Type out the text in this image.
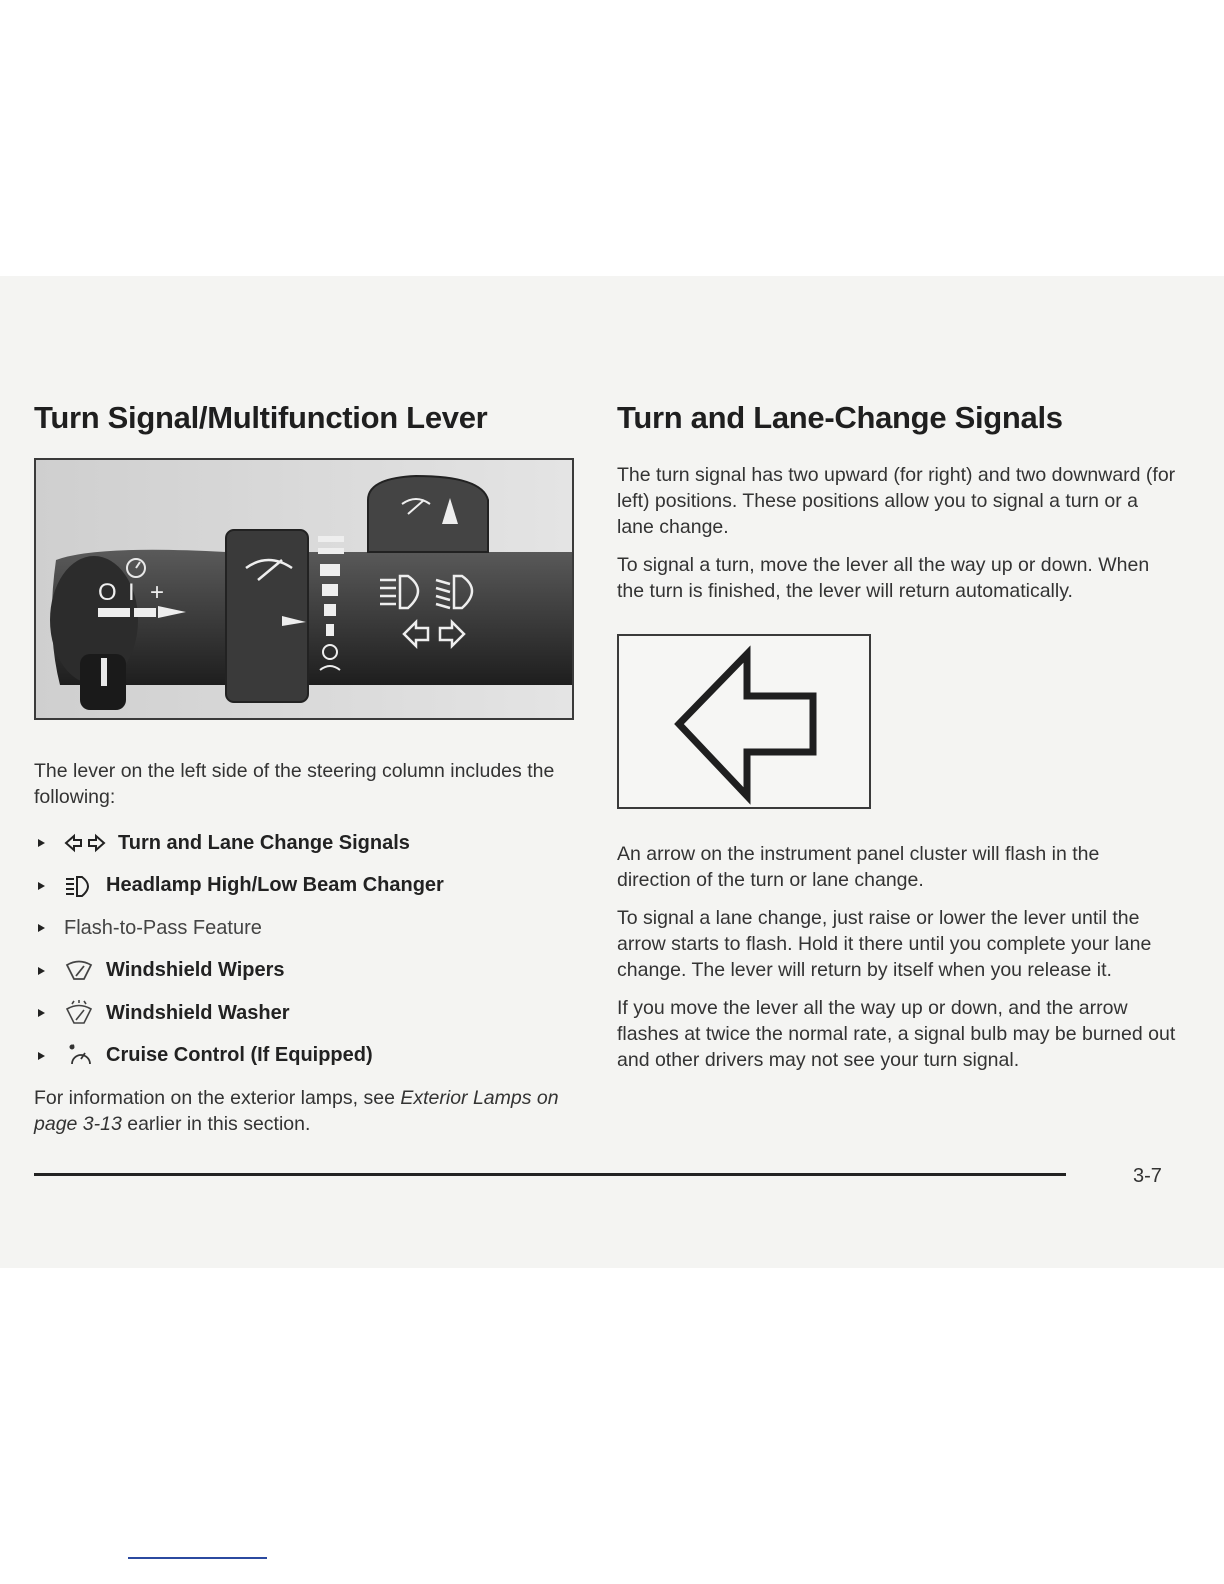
Turn Signal/Multifunction Lever
O I +

The lever on the left side of the steering column includes the following:

Turn and Lane Change Signals
Headlamp High/Low Beam Changer
Flash-to-Pass Feature
Windshield Wipers
Windshield Washer
Cruise Control (If Equipped)

For information on the exterior lamps, see Exterior Lamps on page 3-13 earlier in this section.

Turn and Lane-Change Signals

The turn signal has two upward (for right) and two downward (for left) positions. These positions allow you to signal a turn or a lane change.

To signal a turn, move the lever all the way up or down. When the turn is finished, the lever will return automatically.

An arrow on the instrument panel cluster will flash in the direction of the turn or lane change.

To signal a lane change, just raise or lower the lever until the arrow starts to flash. Hold it there until you complete your lane change. The lever will return by itself when you release it.

If you move the lever all the way up or down, and the arrow flashes at twice the normal rate, a signal bulb may be burned out and other drivers may not see your turn signal.

3-7
